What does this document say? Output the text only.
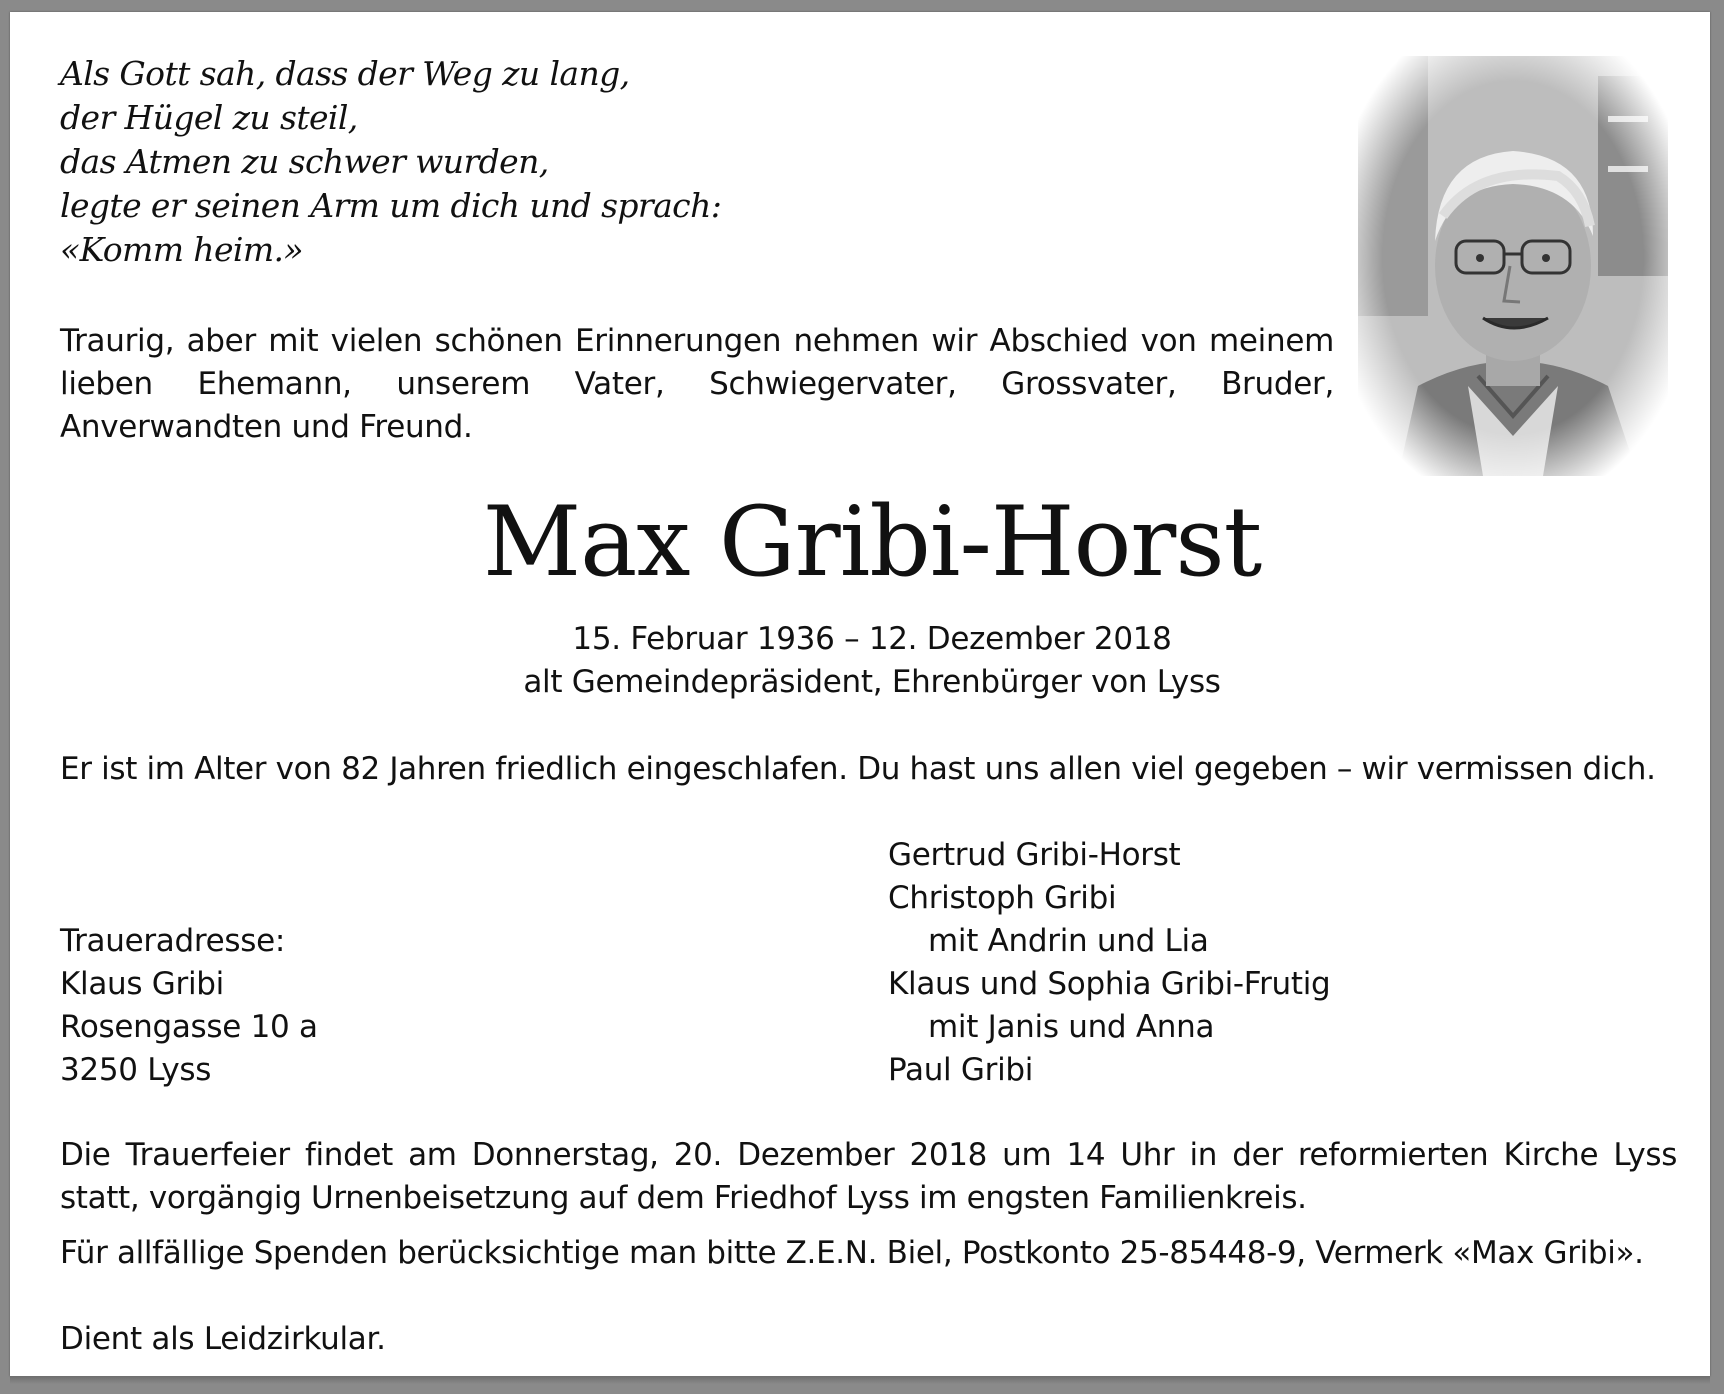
Als Gott sah, dass der Weg zu lang,
der Hügel zu steil,
das Atmen zu schwer wurden,
legte er seinen Arm um dich und sprach:
«Komm heim.»

Traurig, aber mit vielen schönen Erinnerungen nehmen wir Abschied von meinem lieben Ehemann, unserem Vater, Schwiegervater, Grossvater, Bruder, Anverwandten und Freund.

Max Gribi-Horst
15. Februar 1936 – 12. Dezember 2018
alt Gemeindepräsident, Ehrenbürger von Lyss

Er ist im Alter von 82 Jahren friedlich eingeschlafen. Du hast uns allen viel gegeben – wir vermissen dich.

Traueradresse:
Klaus Gribi
Rosengasse 10 a
3250 Lyss
Gertrud Gribi-Horst
Christoph Gribi
mit Andrin und Lia
Klaus und Sophia Gribi-Frutig
mit Janis und Anna
Paul Gribi

Die Trauerfeier findet am Donnerstag, 20. Dezember 2018 um 14 Uhr in der reformierten Kirche Lyss statt, vorgängig Urnenbeisetzung auf dem Friedhof Lyss im engsten Familienkreis.

Für allfällige Spenden berücksichtige man bitte Z.E.N. Biel, Postkonto 25-85448-9, Vermerk «Max Gribi».

Dient als Leidzirkular.
